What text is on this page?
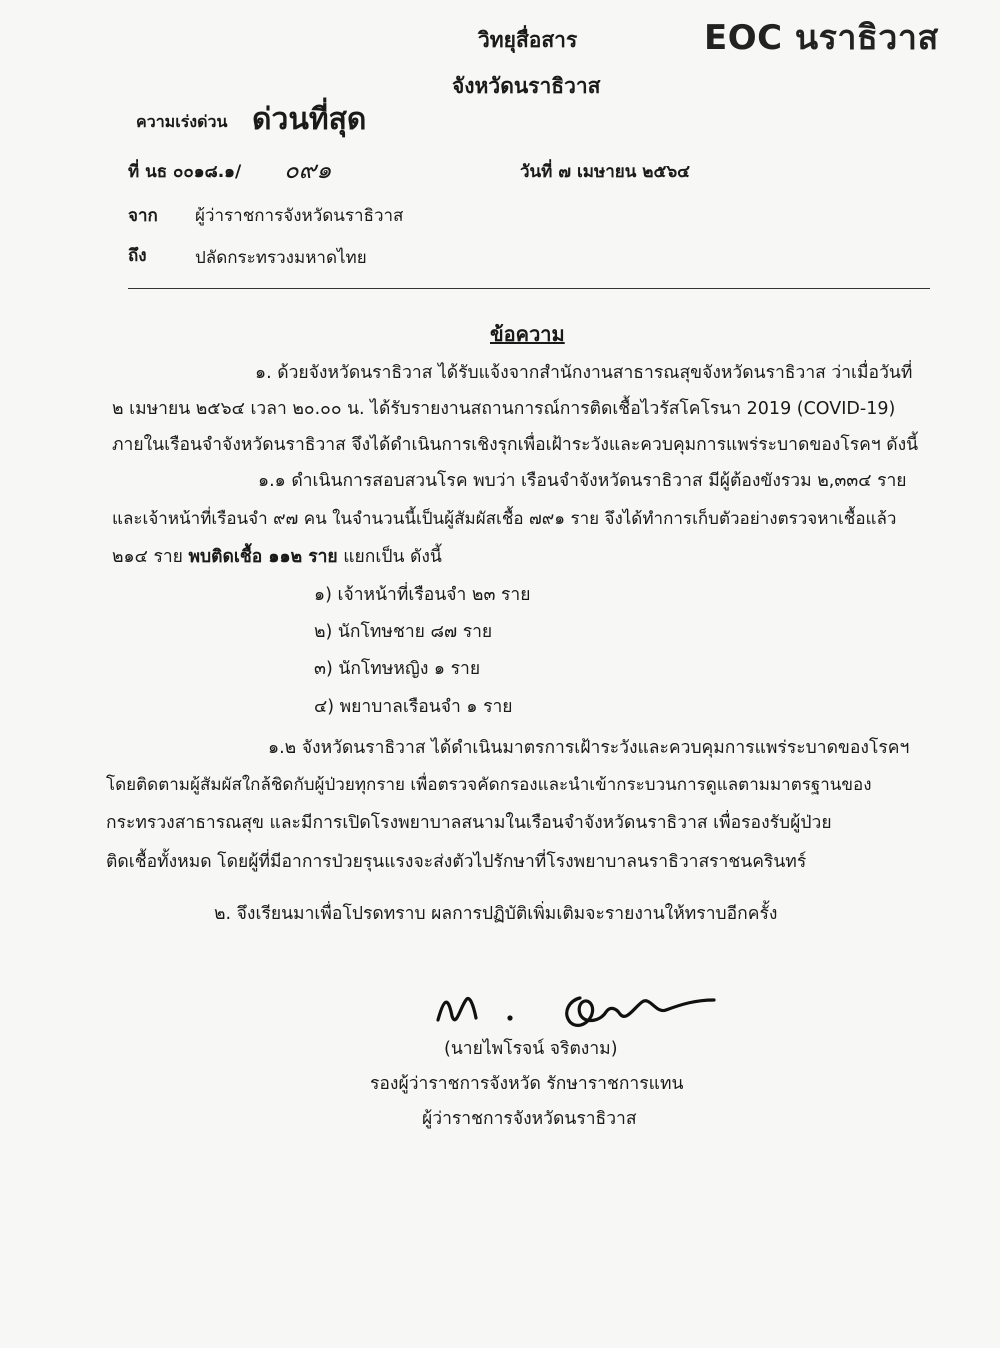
วิทยุสื่อสาร
จังหวัดนราธิวาส
EOC นราธิวาส
ความเร่งด่วน ด่วนที่สุด
ที่ นธ ๐๐๑๘.๑/ ๐๙๑	วันที่ ๗ เมษายน ๒๕๖๔
จาก ผู้ว่าราชการจังหวัดนราธิวาส
ถึง	ปลัดกระทรวงมหาดไทย
ข้อความ
๑. ด้วยจังหวัดนราธิวาส ได้รับแจ้งจากสำนักงานสาธารณสุขจังหวัดนราธิวาส ว่าเมื่อวันที่
๒ เมษายน ๒๕๖๔ เวลา ๒๐.๐๐ น. ได้รับรายงานสถานการณ์การติดเชื้อไวรัสโคโรนา 2019 (COVID-19)
ภายในเรือนจำจังหวัดนราธิวาส จึงได้ดำเนินการเชิงรุกเพื่อเฝ้าระวังและควบคุมการแพร่ระบาดของโรคฯ ดังนี้
๑.๑ ดำเนินการสอบสวนโรค พบว่า เรือนจำจังหวัดนราธิวาส มีผู้ต้องขังรวม ๒,๓๓๔ ราย
และเจ้าหน้าที่เรือนจำ ๙๗ คน ในจำนวนนี้เป็นผู้สัมผัสเชื้อ ๗๙๑ ราย จึงได้ทำการเก็บตัวอย่างตรวจหาเชื้อแล้ว
๒๑๔ ราย พบติดเชื้อ ๑๑๒ ราย แยกเป็น ดังนี้
๑) เจ้าหน้าที่เรือนจำ ๒๓ ราย
๒) นักโทษชาย ๘๗ ราย
๓) นักโทษหญิง ๑ ราย
๔) พยาบาลเรือนจำ ๑ ราย
๑.๒ จังหวัดนราธิวาส ได้ดำเนินมาตรการเฝ้าระวังและควบคุมการแพร่ระบาดของโรคฯ
โดยติดตามผู้สัมผัสใกล้ชิดกับผู้ป่วยทุกราย เพื่อตรวจคัดกรองและนำเข้ากระบวนการดูแลตามมาตรฐานของ
กระทรวงสาธารณสุข และมีการเปิดโรงพยาบาลสนามในเรือนจำจังหวัดนราธิวาส เพื่อรองรับผู้ป่วย
ติดเชื้อทั้งหมด โดยผู้ที่มีอาการป่วยรุนแรงจะส่งตัวไปรักษาที่โรงพยาบาลนราธิวาสราชนครินทร์
๒. จึงเรียนมาเพื่อโปรดทราบ ผลการปฏิบัติเพิ่มเติมจะรายงานให้ทราบอีกครั้ง
(นายไพโรจน์ จริตงาม)
รองผู้ว่าราชการจังหวัด รักษาราชการแทน
ผู้ว่าราชการจังหวัดนราธิวาส
